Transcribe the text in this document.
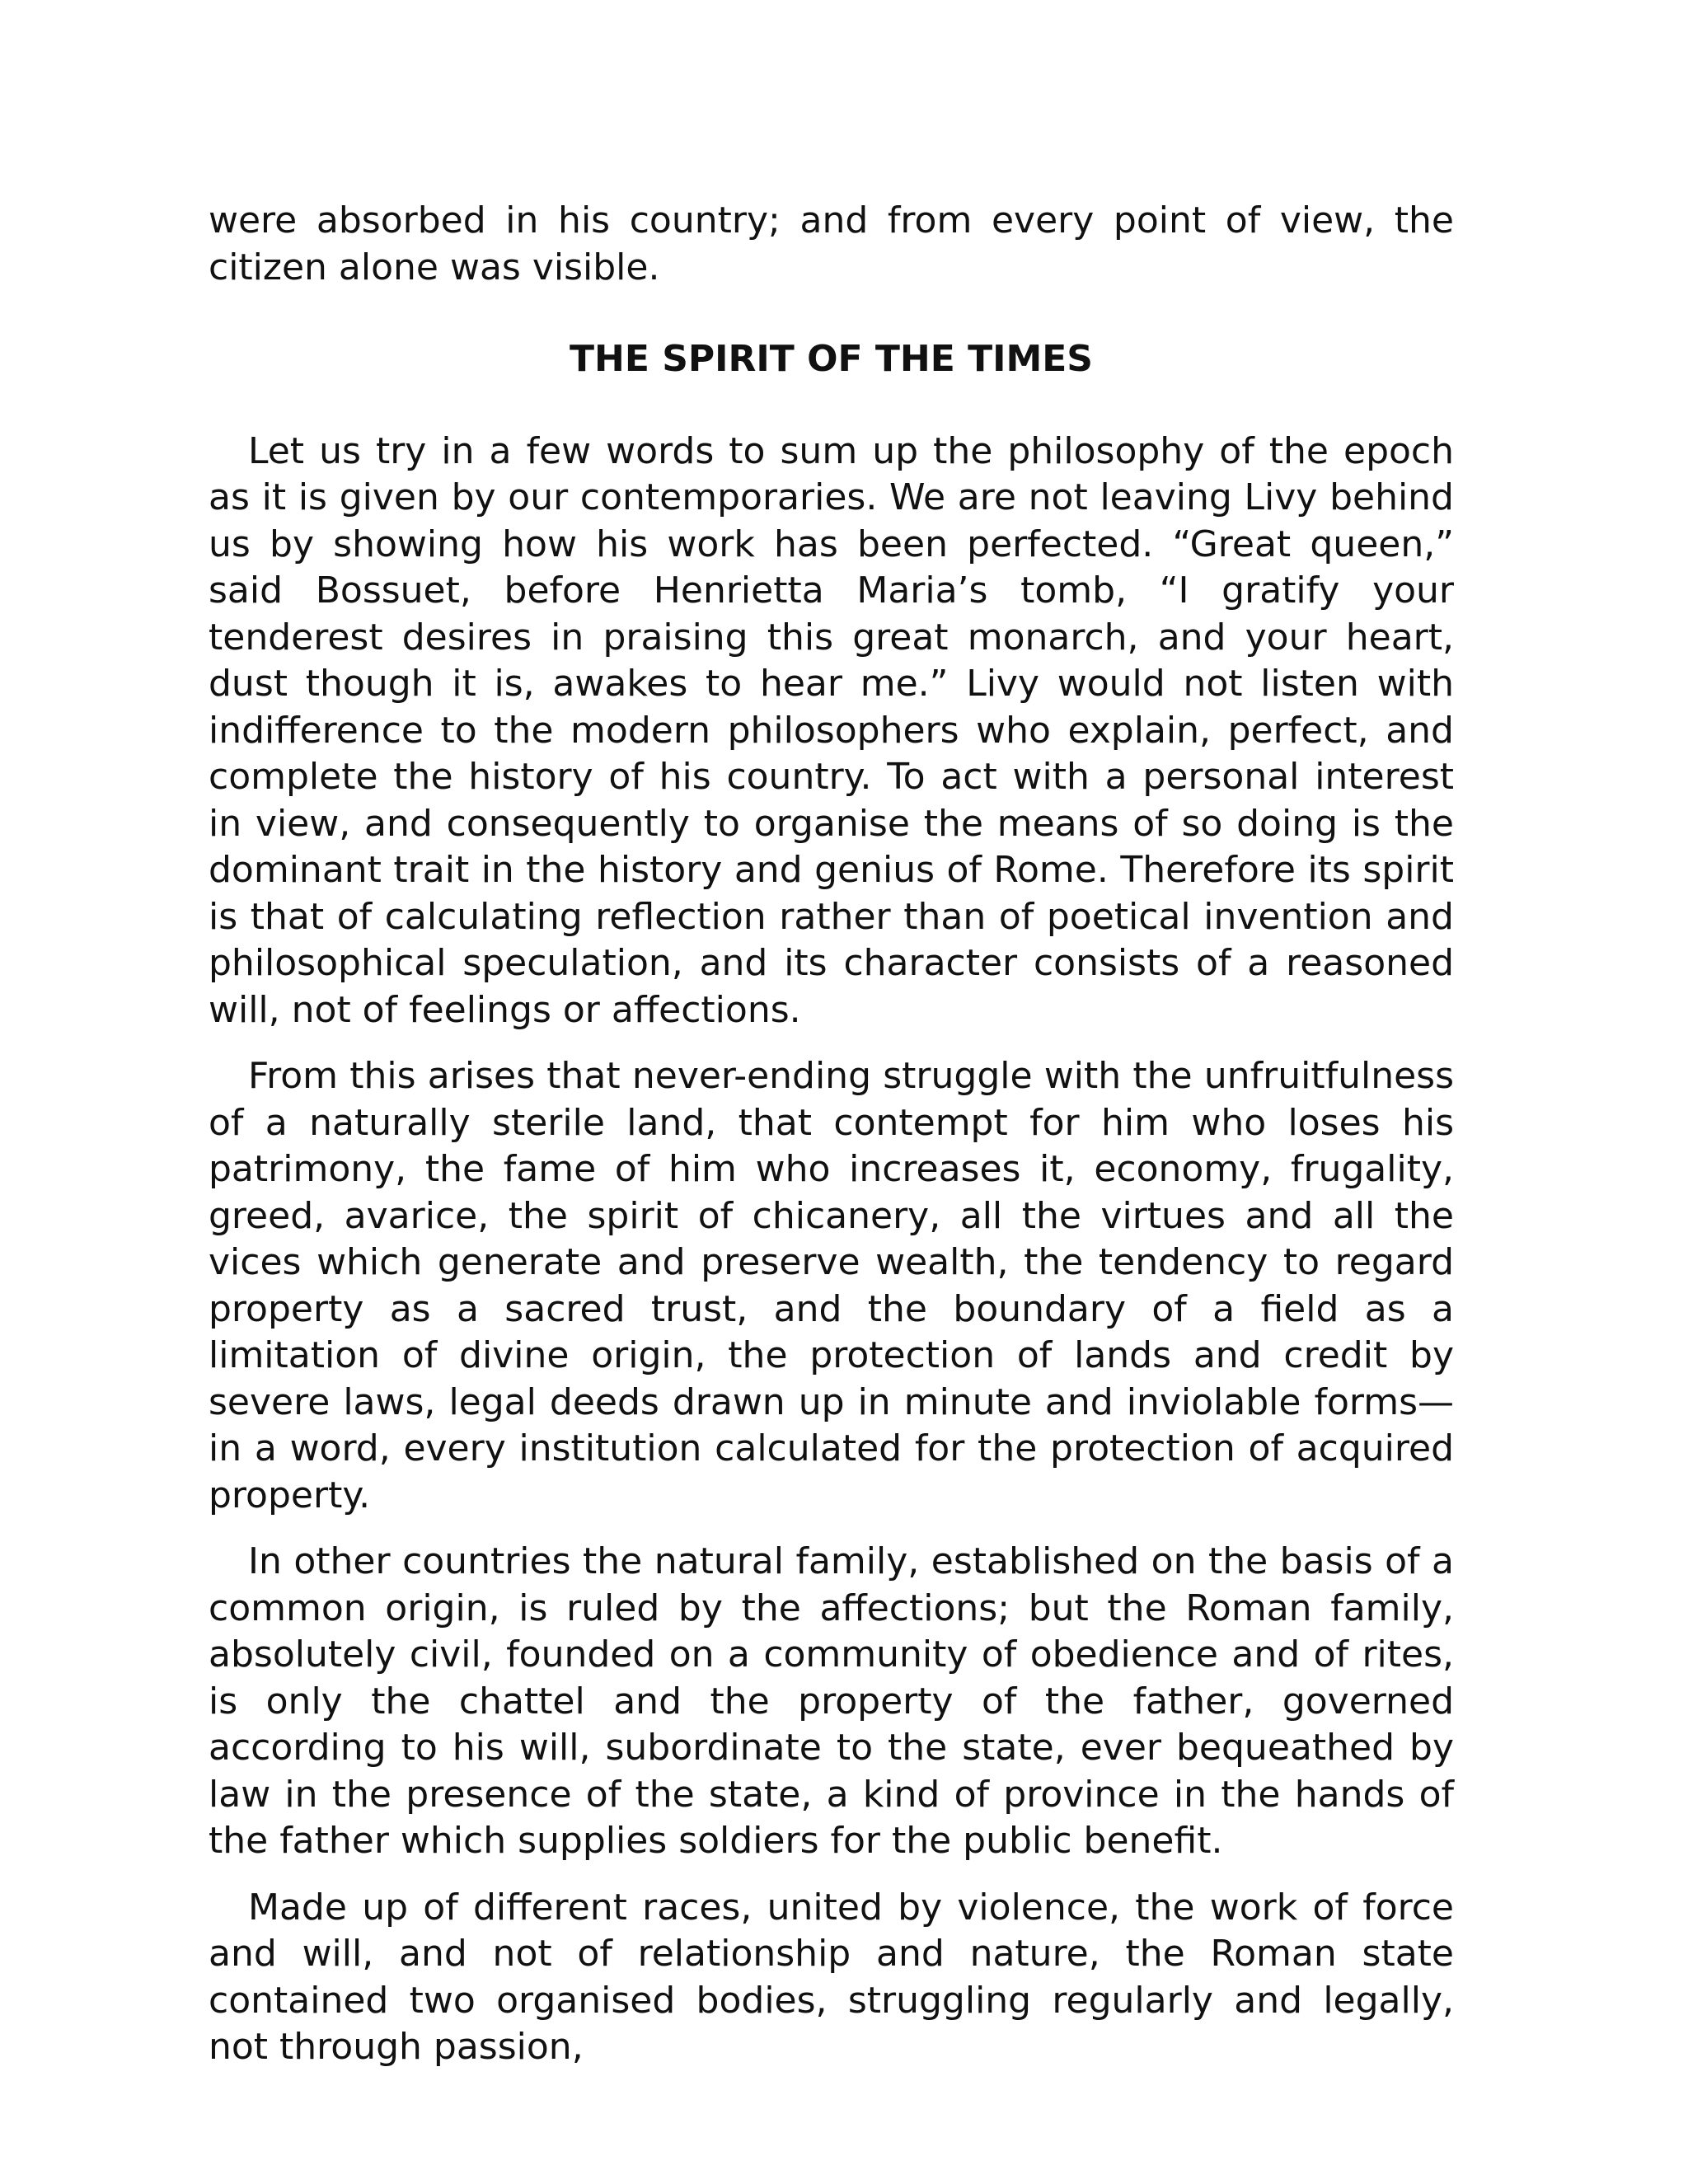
were absorbed in his country; and from every point of view, the citizen alone was visible.

THE SPIRIT OF THE TIMES

Let us try in a few words to sum up the philosophy of the epoch as it is given by our contemporaries. We are not leaving Livy behind us by showing how his work has been perfected. “Great queen,” said Bossuet, before Henrietta Maria’s tomb, “I gratify your tenderest desires in praising this great monarch, and your heart, dust though it is, awakes to hear me.” Livy would not listen with indifference to the modern philosophers who explain, perfect, and complete the history of his country. To act with a personal interest in view, and consequently to organise the means of so doing is the dominant trait in the history and genius of Rome. Therefore its spirit is that of calculating reflection rather than of poetical invention and philosophical speculation, and its character consists of a reasoned will, not of feelings or affections.

From this arises that never-ending struggle with the unfruitfulness of a naturally sterile land, that contempt for him who loses his patrimony, the fame of him who increases it, economy, frugality, greed, avarice, the spirit of chicanery, all the virtues and all the vices which generate and preserve wealth, the tendency to regard property as a sacred trust, and the boundary of a field as a limitation of divine origin, the protection of lands and credit by severe laws, legal deeds drawn up in minute and inviolable forms—in a word, every institution calculated for the protection of acquired property.

In other countries the natural family, established on the basis of a common origin, is ruled by the affections; but the Roman family, absolutely civil, founded on a community of obedience and of rites, is only the chattel and the property of the father, governed according to his will, subordinate to the state, ever bequeathed by law in the presence of the state, a kind of province in the hands of the father which supplies soldiers for the public benefit.

Made up of different races, united by violence, the work of force and will, and not of relationship and nature, the Roman state contained two organised bodies, struggling regularly and legally, not through passion,
